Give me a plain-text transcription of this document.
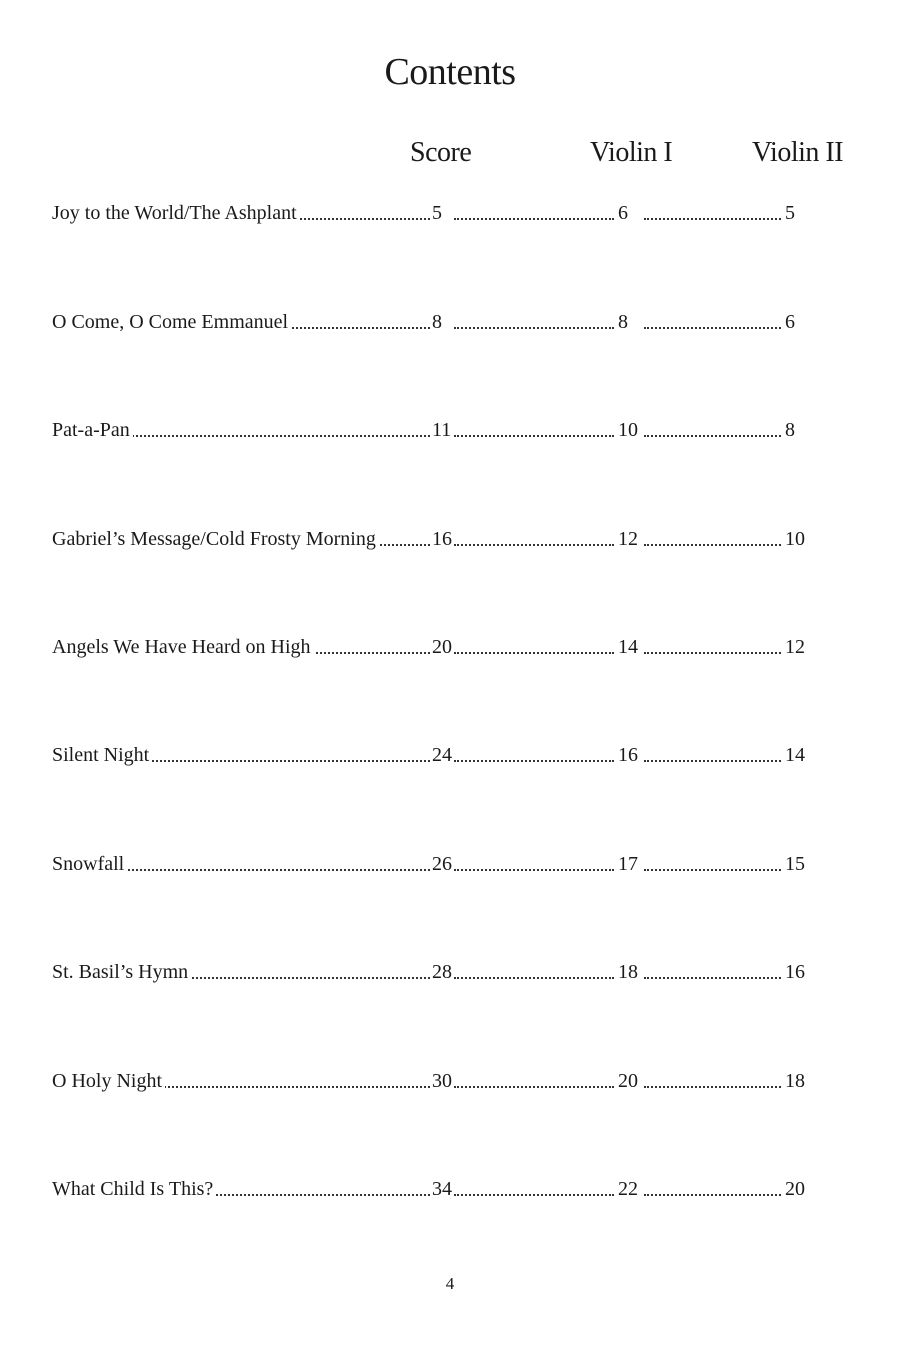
Contents
Score	Violin I	Violin II
Joy to the World/The Ashplant	5	6	5
O Come, O Come Emmanuel	8	8	6
Pat-a-Pan	11	10	8
Gabriel’s Message/Cold Frosty Morning	16	12	10
Angels We Have Heard on High	20	14	12
Silent Night	24	16	14
Snowfall	26	17	15
St. Basil’s Hymn	28	18	16
O Holy Night	30	20	18
What Child Is This?	34	22	20
4
